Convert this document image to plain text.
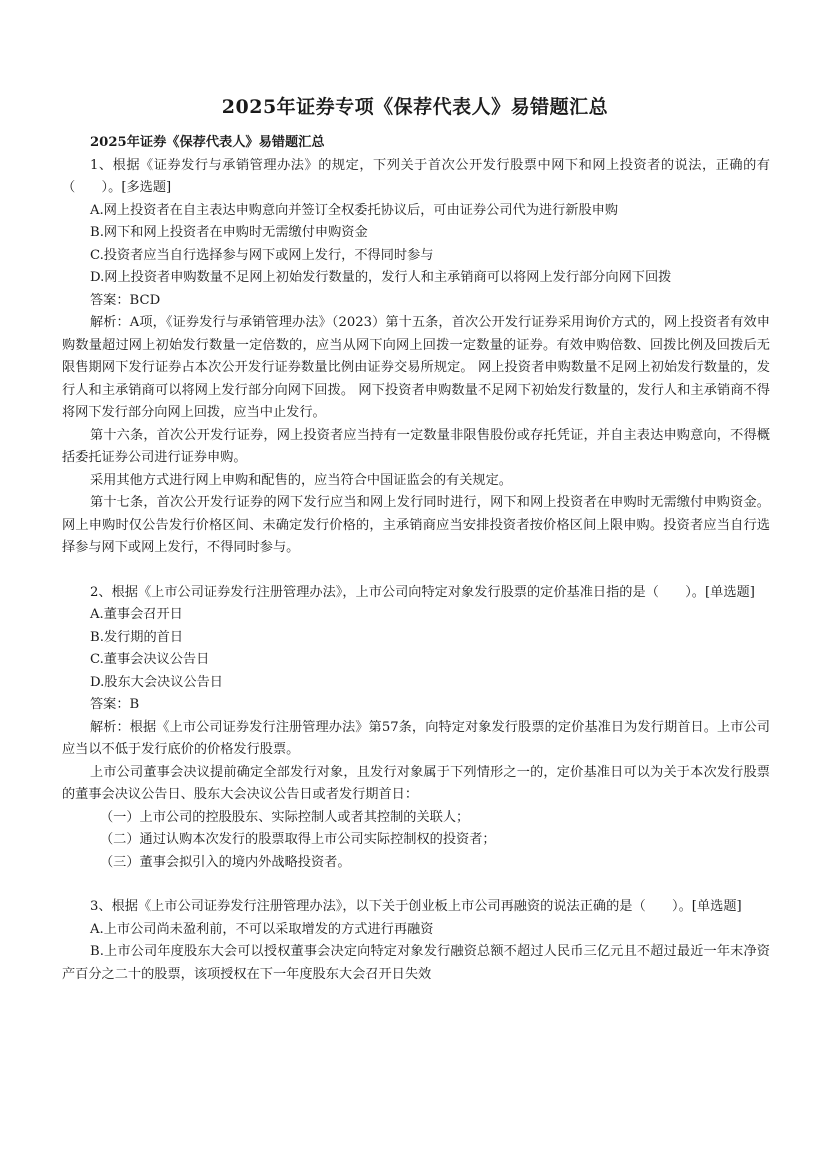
2025年证券专项《保荐代表人》易错题汇总

2025年证券《保荐代表人》易错题汇总

1、根据《证券发行与承销管理办法》的规定，下列关于首次公开发行股票中网下和网上投资者的说法，正确的有（　　）。[多选题]

A.网上投资者在自主表达申购意向并签订全权委托协议后，可由证券公司代为进行新股申购

B.网下和网上投资者在申购时无需缴付申购资金

C.投资者应当自行选择参与网下或网上发行，不得同时参与

D.网上投资者申购数量不足网上初始发行数量的，发行人和主承销商可以将网上发行部分向网下回拨

答案：BCD

解析：A项，《证券发行与承销管理办法》（2023）第十五条，首次公开发行证券采用询价方式的，网上投资者有效申购数量超过网上初始发行数量一定倍数的，应当从网下向网上回拨一定数量的证券。有效申购倍数、回拨比例及回拨后无限售期网下发行证券占本次公开发行证券数量比例由证券交易所规定。 网上投资者申购数量不足网上初始发行数量的，发行人和主承销商可以将网上发行部分向网下回拨。 网下投资者申购数量不足网下初始发行数量的，发行人和主承销商不得将网下发行部分向网上回拨，应当中止发行。

第十六条，首次公开发行证券，网上投资者应当持有一定数量非限售股份或存托凭证，并自主表达申购意向，不得概括委托证券公司进行证券申购。

采用其他方式进行网上申购和配售的，应当符合中国证监会的有关规定。

第十七条，首次公开发行证券的网下发行应当和网上发行同时进行，网下和网上投资者在申购时无需缴付申购资金。网上申购时仅公告发行价格区间、未确定发行价格的，主承销商应当安排投资者按价格区间上限申购。投资者应当自行选择参与网下或网上发行，不得同时参与。

2、根据《上市公司证券发行注册管理办法》，上市公司向特定对象发行股票的定价基准日指的是（　　）。[单选题]

A.董事会召开日

B.发行期的首日

C.董事会决议公告日

D.股东大会决议公告日

答案：B

解析：根据《上市公司证券发行注册管理办法》第57条，向特定对象发行股票的定价基准日为发行期首日。上市公司应当以不低于发行底价的价格发行股票。

上市公司董事会决议提前确定全部发行对象，且发行对象属于下列情形之一的，定价基准日可以为关于本次发行股票的董事会决议公告日、股东大会决议公告日或者发行期首日：

（一）上市公司的控股股东、实际控制人或者其控制的关联人；

（二）通过认购本次发行的股票取得上市公司实际控制权的投资者；

（三）董事会拟引入的境内外战略投资者。

3、根据《上市公司证券发行注册管理办法》，以下关于创业板上市公司再融资的说法正确的是（　　）。[单选题]

A.上市公司尚未盈利前，不可以采取增发的方式进行再融资

B.上市公司年度股东大会可以授权董事会决定向特定对象发行融资总额不超过人民币三亿元且不超过最近一年末净资产百分之二十的股票，该项授权在下一年度股东大会召开日失效
